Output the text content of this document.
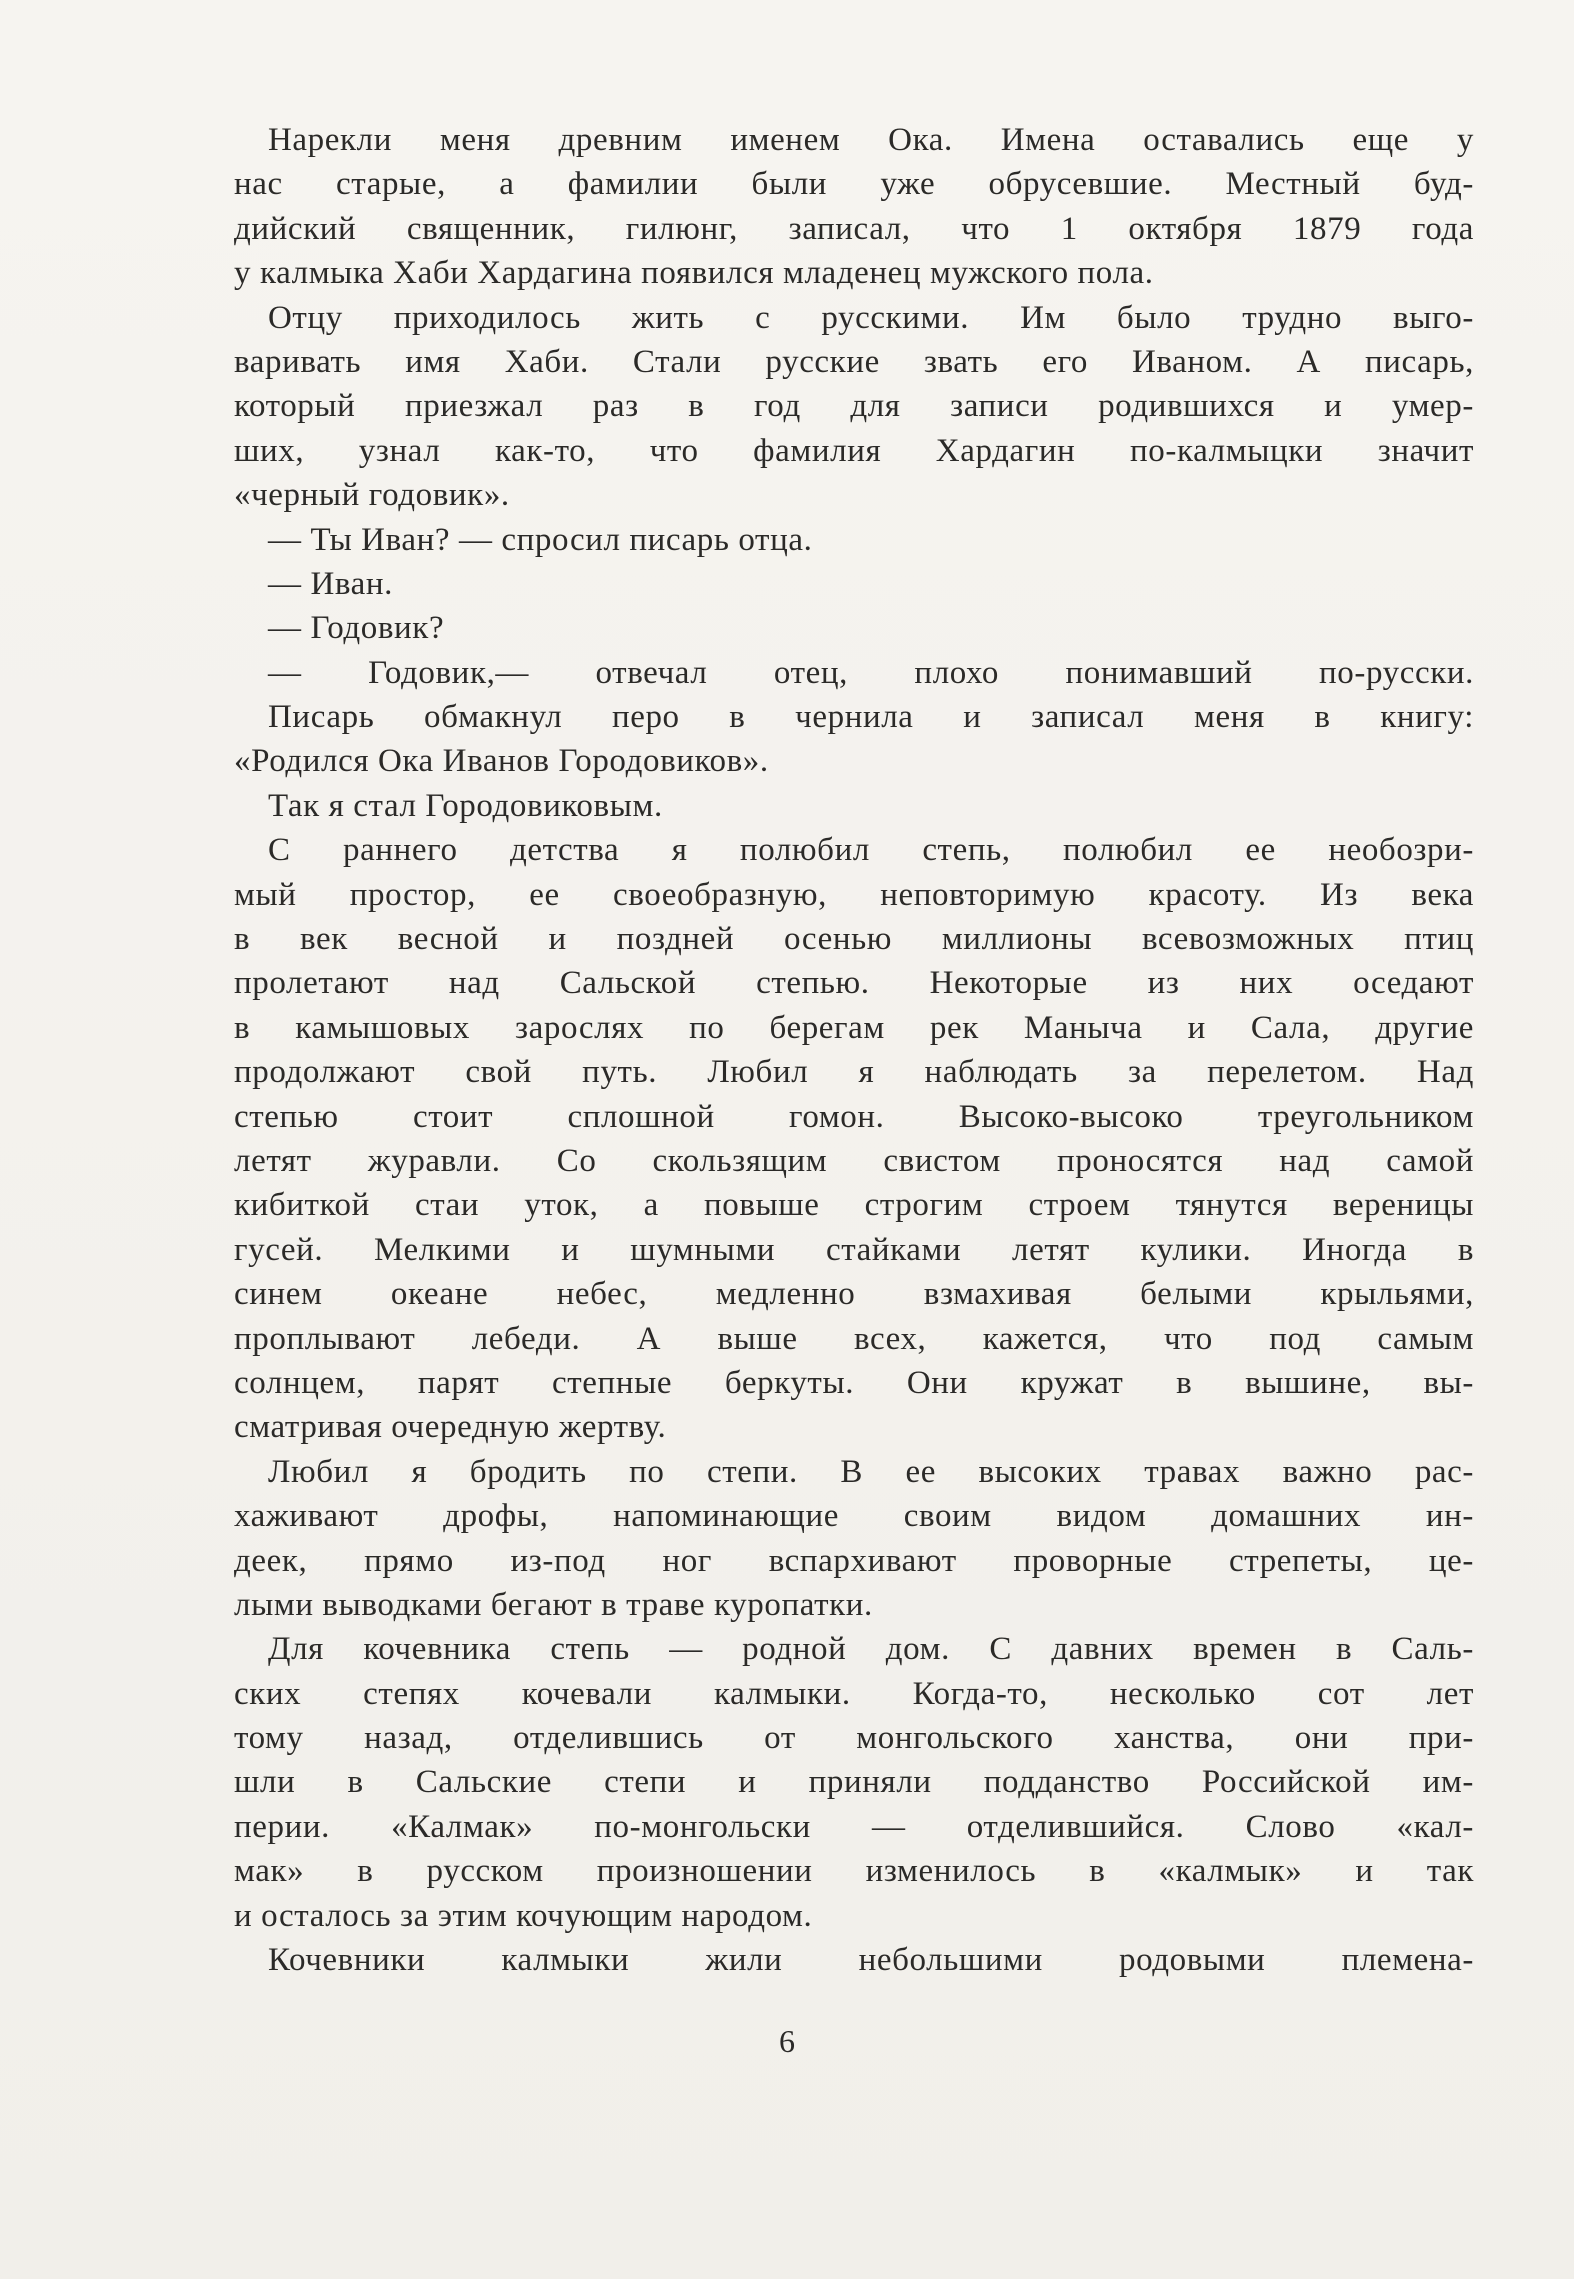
Нарекли меня древним именем Ока. Имена оставались еще у
нас старые, а фамилии были уже обрусевшие. Местный буд-
дийский священник, гилюнг, записал, что 1 октября 1879 года
у калмыка Хаби Хардагина появился младенец мужского пола.
Отцу приходилось жить с русскими. Им было трудно выго-
варивать имя Хаби. Стали русские звать его Иваном. А писарь,
который приезжал раз в год для записи родившихся и умер-
ших, узнал как-то, что фамилия Хардагин по-калмыцки значит
«черный годовик».
— Ты Иван? — спросил писарь отца.
— Иван.
— Годовик?
— Годовик,— отвечал отец, плохо понимавший по-русски.
Писарь обмакнул перо в чернила и записал меня в книгу:
«Родился Ока Иванов Городовиков».
Так я стал Городовиковым.
С раннего детства я полюбил степь, полюбил ее необозри-
мый простор, ее своеобразную, неповторимую красоту. Из века
в век весной и поздней осенью миллионы всевозможных птиц
пролетают над Сальской степью. Некоторые из них оседают
в камышовых зарослях по берегам рек Маныча и Сала, другие
продолжают свой путь. Любил я наблюдать за перелетом. Над
степью стоит сплошной гомон. Высоко-высоко треугольником
летят журавли. Со скользящим свистом проносятся над самой
кибиткой стаи уток, а повыше строгим строем тянутся вереницы
гусей. Мелкими и шумными стайками летят кулики. Иногда в
синем океане небес, медленно взмахивая белыми крыльями,
проплывают лебеди. А выше всех, кажется, что под самым
солнцем, парят степные беркуты. Они кружат в вышине, вы-
сматривая очередную жертву.
Любил я бродить по степи. В ее высоких травах важно рас-
хаживают дрофы, напоминающие своим видом домашних ин-
деек, прямо из-под ног вспархивают проворные стрепеты, це-
лыми выводками бегают в траве куропатки.
Для кочевника степь — родной дом. С давних времен в Саль-
ских степях кочевали калмыки. Когда-то, несколько сот лет
тому назад, отделившись от монгольского ханства, они при-
шли в Сальские степи и приняли подданство Российской им-
перии. «Калмак» по-монгольски — отделившийся. Слово «кал-
мак» в русском произношении изменилось в «калмык» и так
и осталось за этим кочующим народом.
Кочевники калмыки жили небольшими родовыми племена-
6
